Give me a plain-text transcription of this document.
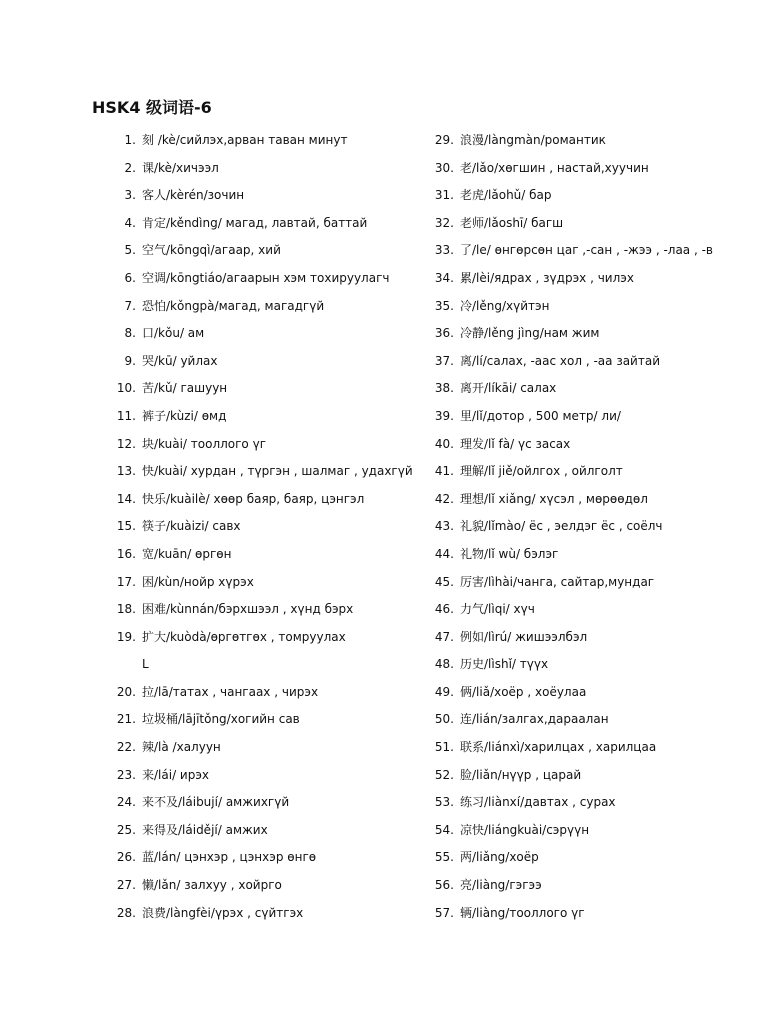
HSK4 级词语-6
1. 刻 /kè/сийлэх,арван таван минут
2. 课/kè/хичээл
3. 客人/kèrén/зочин
4. 肯定/kěndìng/ магад, лавтай, баттай
5. 空气/kōngqì/агаар, хий
6. 空调/kōngtiáo/агаарын хэм тохируулагч
7. 恐怕/kǒngpà/магад, магадгүй
8. 口/kǒu/ ам
9. 哭/kū/ уйлах
10. 苦/kǔ/ гашуун
11. 裤子/kùzi/ өмд
12. 块/kuài/ тооллого үг
13. 快/kuài/ хурдан , түргэн , шалмаг , удахгүй
14. 快乐/kuàilè/ хөөр баяр, баяр, цэнгэл
15. 筷子/kuàizi/ савх
16. 宽/kuān/ өргөн
17. 困/kùn/нойр хүрэх
18. 困难/kùnnán/бэрхшээл , хүнд бэрх
19. 扩大/kuòdà/өргөтгөх , томруулах
L
20. 拉/lā/татах , чангаах , чирэх
21. 垃圾桶/lājītǒng/хогийн сав
22. 辣/là /халуун
23. 来/lái/ ирэх
24. 来不及/láibují/ амжихгүй
25. 来得及/láidějí/ амжих
26. 蓝/lán/ цэнхэр , цэнхэр өнгө
27. 懒/lǎn/ залхуу , хойрго
28. 浪费/làngfèi/үрэх , сүйтгэх
29. 浪漫/làngmàn/романтик
30. 老/lǎo/хөгшин , настай,хуучин
31. 老虎/lǎohǔ/ бар
32. 老师/lǎoshī/ багш
33. 了/le/ өнгөрсөн цаг ,-сан , -жээ , -лаа , -в
34. 累/lèi/ядрах , зүдрэх , чилэх
35. 冷/lěng/хүйтэн
36. 冷静/lěng jìng/нам жим
37. 离/lí/салах, -аас хол , -аа зайтай
38. 离开/líkāi/ салах
39. 里/lǐ/дотор , 500 метр/ ли/
40. 理发/lǐ fà/ үс засах
41. 理解/lǐ jiě/ойлгох , ойлголт
42. 理想/lǐ xiǎng/ хүсэл , мөрөөдөл
43. 礼貌/lǐmào/ ёс , эелдэг ёс , соёлч
44. 礼物/lǐ wù/ бэлэг
45. 厉害/lìhài/чанга, сайтар,мундаг
46. 力气/lìqi/ хүч
47. 例如/lìrú/ жишээлбэл
48. 历史/lìshǐ/ түүх
49. 俩/liǎ/хоёр , хоёулаа
50. 连/lián/залгах,дараалан
51. 联系/liánxì/харилцах , харилцаа
52. 脸/liǎn/нүүр , царай
53. 练习/liànxí/давтах , сурах
54. 凉快/liángkuài/сэрүүн
55. 两/liǎng/хоёр
56. 亮/liàng/гэгээ
57. 辆/liàng/тооллого үг
